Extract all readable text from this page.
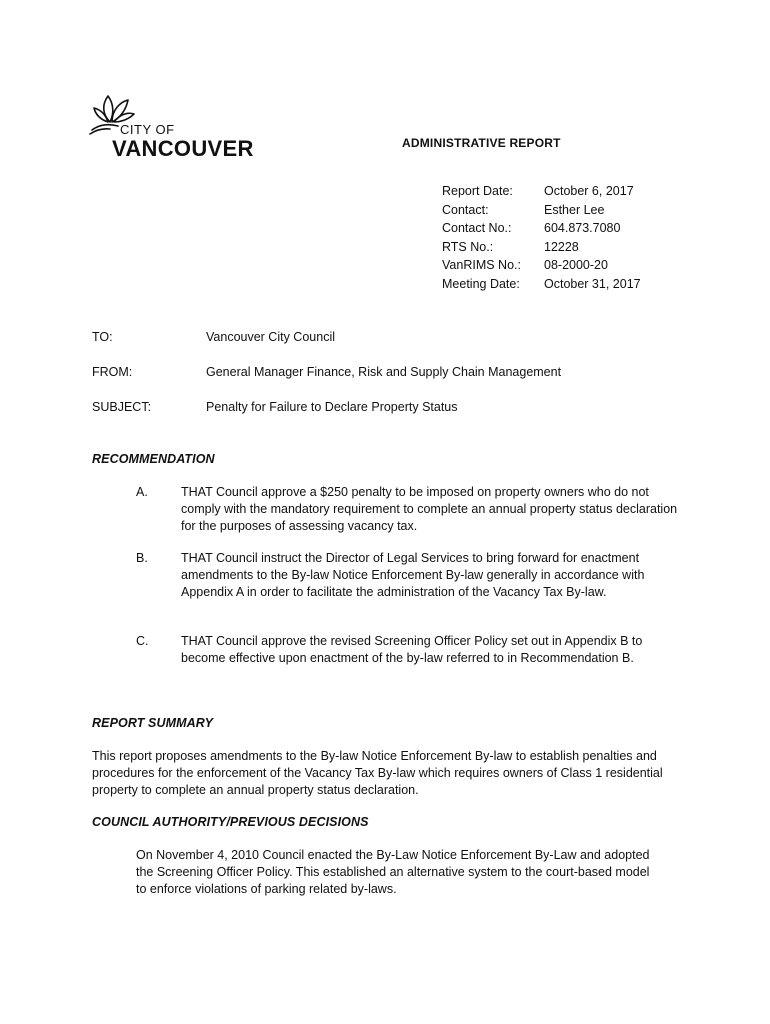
CITY OF
VANCOUVER	ADMINISTRATIVE REPORT
Report Date:	October 6, 2017
Contact:	Esther Lee
Contact No.:	604.873.7080
RTS No.:	12228
VanRIMS No.:	08-2000-20
Meeting Date:	October 31, 2017
TO:	Vancouver City Council
FROM:	General Manager Finance, Risk and Supply Chain Management
SUBJECT:	Penalty for Failure to Declare Property Status
RECOMMENDATION
A.	THAT Council approve a $250 penalty to be imposed on property owners who do not comply with the mandatory requirement to complete an annual property status declaration for the purposes of assessing vacancy tax.
B.	THAT Council instruct the Director of Legal Services to bring forward for enactment amendments to the By-law Notice Enforcement By-law generally in accordance with Appendix A in order to facilitate the administration of the Vacancy Tax By-law.
C.	THAT Council approve the revised Screening Officer Policy set out in Appendix B to become effective upon enactment of the by-law referred to in Recommendation B.
REPORT SUMMARY
This report proposes amendments to the By-law Notice Enforcement By-law to establish penalties and procedures for the enforcement of the Vacancy Tax By-law which requires owners of Class 1 residential property to complete an annual property status declaration.
COUNCIL AUTHORITY/PREVIOUS DECISIONS
On November 4, 2010 Council enacted the By-Law Notice Enforcement By-Law and adopted the Screening Officer Policy. This established an alternative system to the court-based model to enforce violations of parking related by-laws.
